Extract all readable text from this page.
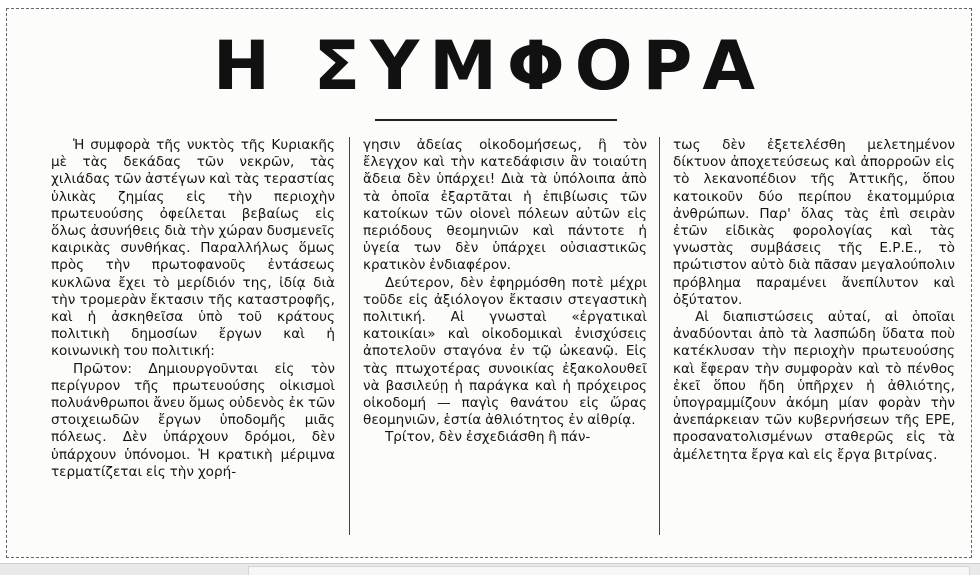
Η ΣΥΜΦΟΡΑ

Ἡ συμφορὰ τῆς νυκτὸς τῆς Κυριακῆς μὲ τὰς δεκάδας τῶν νεκρῶν, τὰς χιλιάδας τῶν ἀστέγων καὶ τὰς τεραστίας ὑλικὰς ζημίας εἰς τὴν περιοχὴν πρωτευούσης ὀφείλεται βεβαίως εἰς ὅλως ἀσυνήθεις διὰ τὴν χώραν δυσμενεῖς καιρικὰς συνθήκας. Παραλλήλως ὅμως πρὸς τὴν πρωτοφανοῦς ἐντάσεως κυκλῶνα ἔχει τὸ μερίδιόν της, ἰδίᾳ διὰ τὴν τρομερὰν ἔκτασιν τῆς καταστροφῆς, καὶ ἡ ἀσκηθεῖσα ὑπὸ τοῦ κράτους πολιτικὴ δημοσίων ἔργων καὶ ἡ κοινωνικὴ του πολιτική:

Πρῶτον: Δημιουργοῦνται εἰς τὸν περίγυρον τῆς πρωτευούσης οἰκισμοὶ πολυάνθρωποι ἄνευ ὅμως οὐδενὸς ἐκ τῶν στοιχειωδῶν ἔργων ὑποδομῆς μιᾶς πόλεως. Δὲν ὑπάρχουν δρόμοι, δὲν ὑπάρχουν ὑπόνομοι. Ἡ κρατικὴ μέριμνα τερματίζεται εἰς τὴν χορή-

γησιν ἀδείας οἰκοδομήσεως, ἢ τὸν ἔλεγχον καὶ τὴν κατεδάφισιν ἂν τοιαύτη ἄδεια δὲν ὑπάρχει! Διὰ τὰ ὑπόλοιπα ἀπὸ τὰ ὁποῖα ἐξαρτᾶται ἡ ἐπιβίωσις τῶν κατοίκων τῶν οἱονεὶ πόλεων αὐτῶν εἰς περιόδους θεομηνιῶν καὶ πάντοτε ἡ ὑγεία των δὲν ὑπάρχει οὐσιαστικῶς κρατικὸν ἐνδιαφέρον.

Δεύτερον, δὲν ἐφηρμόσθη ποτὲ μέχρι τοῦδε εἰς ἀξιόλογον ἔκτασιν στεγαστικὴ πολιτική. Αἱ γνωσταὶ «ἐργατικαὶ κατοικίαι» καὶ οἰκοδομικαὶ ἐνισχύσεις ἀποτελοῦν σταγόνα ἐν τῷ ὠκεανῷ. Εἰς τὰς πτωχοτέρας συνοικίας ἐξακολουθεῖ νὰ βασιλεύῃ ἡ παράγκα καὶ ἡ πρόχειρος οἰκοδομή — παγὶς θανάτου εἰς ὥρας θεομηνιῶν, ἑστία ἀθλιότητος ἐν αἰθρίᾳ.

Τρίτον, δὲν ἐσχεδιάσθη ἢ πάν-

τως δὲν ἐξετελέσθη μελετημένον δίκτυον ἀποχετεύσεως καὶ ἀπορροῶν εἰς τὸ λεκανοπέδιον τῆς Ἀττικῆς, ὅπου κατοικοῦν δύο περίπου ἑκατομμύρια ἀνθρώπων. Παρ' ὅλας τὰς ἐπὶ σειρὰν ἐτῶν εἰδικὰς φορολογίας καὶ τὰς γνωστὰς συμβάσεις τῆς Ε.Ρ.Ε., τὸ πρώτιστον αὐτὸ διὰ πᾶσαν μεγαλούπολιν πρόβλημα παραμένει ἄνεπίλυτον καὶ ὀξύτατον.

Αἱ διαπιστώσεις αὐταί, αἱ ὁποῖαι ἀναδύονται ἀπὸ τὰ λασπώδη ὕδατα ποὺ κατέκλυσαν τὴν περιοχὴν πρωτευούσης καὶ ἔφεραν τὴν συμφορὰν καὶ τὸ πένθος ἐκεῖ ὅπου ἤδη ὑπῆρχεν ἡ ἀθλιότης, ὑπογραμμίζουν ἀκόμη μίαν φορὰν τὴν ἀνεπάρκειαν τῶν κυβερνήσεων τῆς ΕΡΕ, προσανατολισμένων σταθερῶς εἰς τὰ ἀμέλετητα ἔργα καὶ εἰς ἔργα βιτρίνας.
